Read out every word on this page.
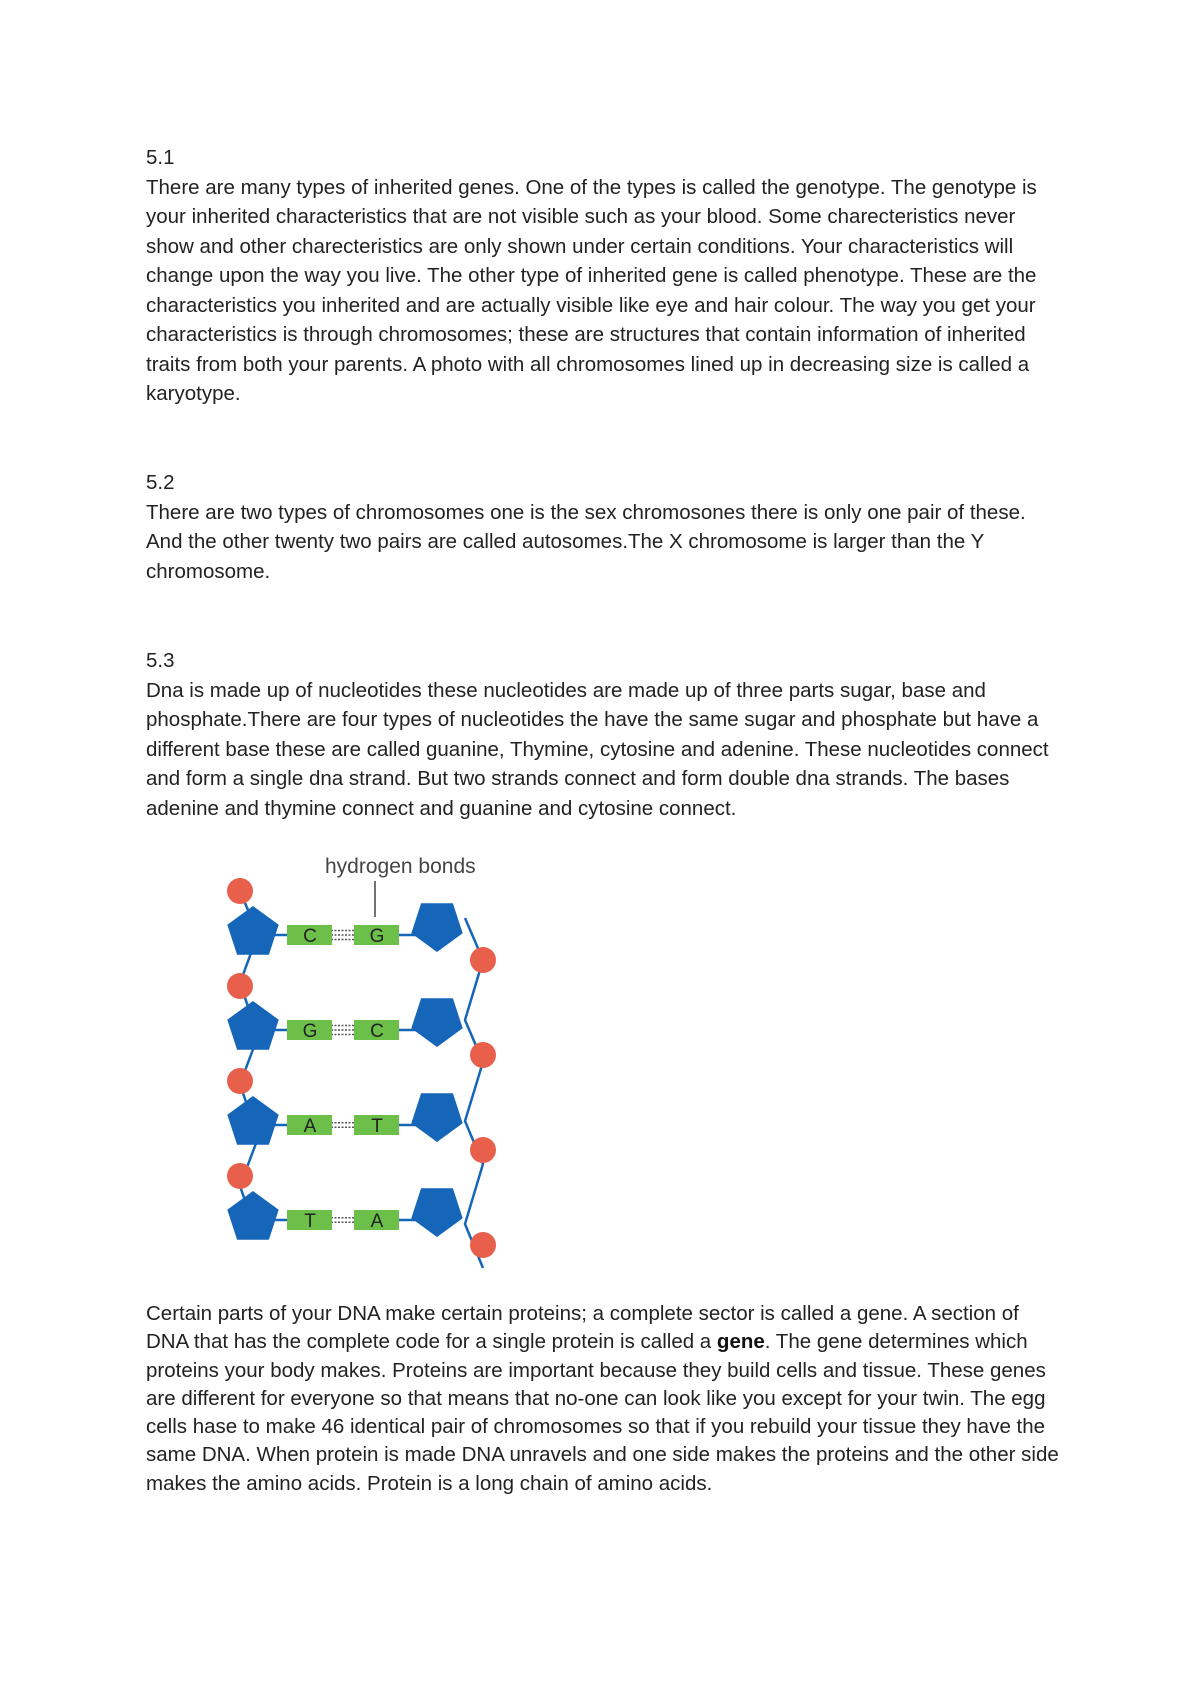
5.1

There are many types of inherited genes. One of the types is called the genotype. The genotype is your inherited characteristics that are not visible such as your blood. Some charecteristics never show and other charecteristics are only shown under certain conditions. Your characteristics will change upon the way you live. The other type of inherited gene is called phenotype. These are the characteristics you inherited and are actually visible like eye and hair colour. The way you get your characteristics is through chromosomes; these are structures that contain information of inherited traits from both your parents. A photo with all chromosomes lined up in decreasing size is called a karyotype.

5.2

There are two types of chromosomes one is the sex chromosones there is only one pair of these. And the other twenty two pairs are called autosomes.The X chromosome is larger than the Y chromosome.

5.3

Dna is made up of nucleotides these nucleotides are made up of three parts sugar, base and phosphate.There are four types of nucleotides the have the same sugar and phosphate but have a different base these are called guanine, Thymine, cytosine and adenine. These nucleotides connect and form a single dna strand. But two strands connect and form double dna strands. The bases adenine and thymine connect and guanine and cytosine connect.

hydrogen bonds
C	G
G	C
A	T
T	A

Certain parts of your DNA make certain proteins; a complete sector is called a gene. A section of DNA that has the complete code for a single protein is called a gene. The gene determines which proteins your body makes. Proteins are important because they build cells and tissue. These genes are different for everyone so that means that no-one can look like you except for your twin. The egg cells hase to make 46 identical pair of chromosomes so that if you rebuild your tissue they have the same DNA. When protein is made DNA unravels and one side makes the proteins and the other side makes the amino acids. Protein is a long chain of amino acids.
